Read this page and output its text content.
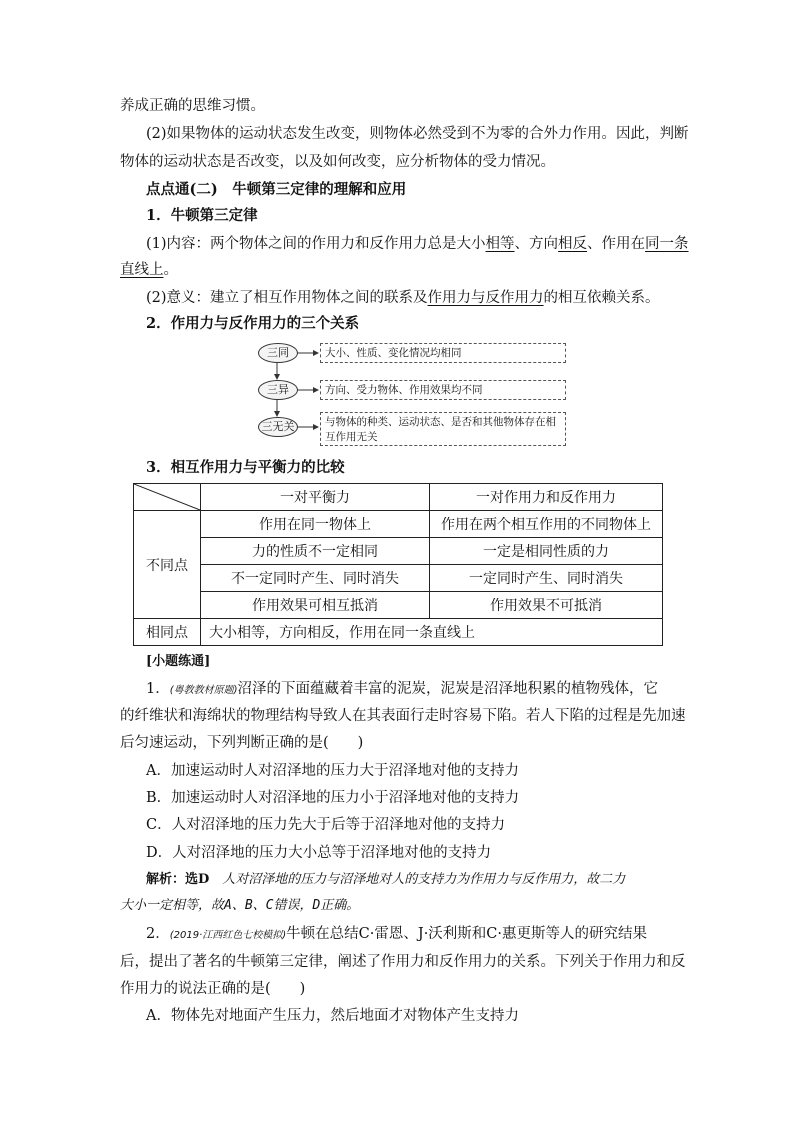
养成正确的思维习惯。
(2)如果物体的运动状态发生改变，则物体必然受到不为零的合外力作用。因此，判断
物体的运动状态是否改变，以及如何改变，应分析物体的受力情况。
点点通(二)　牛顿第三定律的理解和应用
1．牛顿第三定律
(1)内容：两个物体之间的作用力和反作用力总是大小相等、方向相反、作用在同一条
直线上。
(2)意义：建立了相互作用物体之间的联系及作用力与反作用力的相互依赖关系。
2．作用力与反作用力的三个关系
三同
三异
三无关
大小、性质、变化情况均相同
方向、受力物体、作用效果均不同
与物体的种类、运动状态、是否和其他物体存在相互作用无关
3．相互作用力与平衡力的比较
	一对平衡力	一对作用力和反作用力
不同点	作用在同一物体上	作用在两个相互作用的不同物体上
	力的性质不一定相同	一定是相同性质的力
	不一定同时产生、同时消失	一定同时产生、同时消失
	作用效果可相互抵消	作用效果不可抵消
相同点	大小相等，方向相反，作用在同一条直线上	
[小题练通]
1．(粤教教材原题)沼泽的下面蕴藏着丰富的泥炭，泥炭是沼泽地积累的植物残体，它
的纤维状和海绵状的物理结构导致人在其表面行走时容易下陷。若人下陷的过程是先加速
后匀速运动，下列判断正确的是(　　)
A．加速运动时人对沼泽地的压力大于沼泽地对他的支持力
B．加速运动时人对沼泽地的压力小于沼泽地对他的支持力
C．人对沼泽地的压力先大于后等于沼泽地对他的支持力
D．人对沼泽地的压力大小总等于沼泽地对他的支持力
解析：选D　人对沼泽地的压力与沼泽地对人的支持力为作用力与反作用力，故二力
大小一定相等，故A、B、C错误，D正确。
2．(2019·江西红色七校模拟)牛顿在总结C·雷恩、J·沃利斯和C·惠更斯等人的研究结果
后，提出了著名的牛顿第三定律，阐述了作用力和反作用力的关系。下列关于作用力和反
作用力的说法正确的是(　　)
A．物体先对地面产生压力，然后地面才对物体产生支持力
